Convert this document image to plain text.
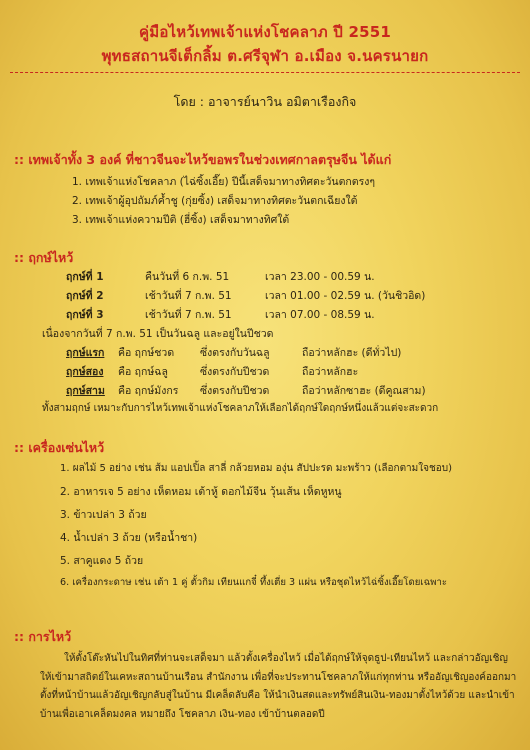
คู่มือไหว้เทพเจ้าแห่งโชคลาภ ปี 2551
พุทธสถานจีเต็กลิ้ม ต.ศรีจุฬา อ.เมือง จ.นครนายก
โดย : อาจารย์นาวิน อมิตาเรืองกิจ
:: เทพเจ้าทั้ง 3 องค์ ที่ชาวจีนจะไหว้ขอพรในช่วงเทศกาลตรุษจีน ได้แก่
1. เทพเจ้าแห่งโชคลาภ (ไฉ่ซิ้งเอี๊ย) ปีนี้เสด็จมาทางทิศตะวันตกตรงๆ
2. เทพเจ้าผู้อุปถัมภ์ค้ำชู (กุ่ยซิ้ง) เสด็จมาทางทิศตะวันตกเฉียงใต้
3. เทพเจ้าแห่งความปีติ (ฮี่ซิ้ง) เสด็จมาทางทิศใต้
:: ฤกษ์ไหว้
ฤกษ์ที่ 1	คืนวันที่ 6 ก.พ. 51	เวลา 23.00 - 00.59 น.
ฤกษ์ที่ 2	เช้าวันที่ 7 ก.พ. 51	เวลา 01.00 - 02.59 น. (วันชิวอิด)
ฤกษ์ที่ 3	เช้าวันที่ 7 ก.พ. 51	เวลา 07.00 - 08.59 น.
เนื่องจากวันที่ 7 ก.พ. 51 เป็นวันฉลู และอยู่ในปีชวด
ฤกษ์แรก คือ ฤกษ์ชวด ซึ่งตรงกับวันฉลู	ถือว่าหลักฮะ (ดีทั่วไป)
ฤกษ์สอง คือ ฤกษ์ฉลู	ซึ่งตรงกับปีชวด	ถือว่าหลักฮะ
ฤกษ์สาม คือ ฤกษ์มังกร ซึ่งตรงกับปีชวด	ถือว่าหลักซาฮะ (ดีคูณสาม)
ทั้งสามฤกษ์ เหมาะกับการไหว้เทพเจ้าแห่งโชคลาภให้เลือกได้ฤกษ์ใดฤกษ์หนึ่งแล้วแต่จะสะดวก
:: เครื่องเซ่นไหว้
1. ผลไม้ 5 อย่าง เช่น ส้ม แอปเปิ้ล สาลี่ กล้วยหอม องุ่น สัปปะรด มะพร้าว (เลือกตามใจชอบ)
2. อาหารเจ 5 อย่าง เห็ดหอม เต้าหู้ ดอกไม้จีน วุ้นเส้น เห็ดหูหนู
3. ข้าวเปล่า 3 ถ้วย
4. น้ำเปล่า 3 ถ้วย (หรือน้ำชา)
5. สาคูแดง 5 ถ้วย
6. เครื่องกระดาษ เช่น เต้า 1 คู่ ตั้วกิม เทียนแกจี๋ ทึ้งเตี่ย 3 แผ่น หรือชุดไหว้ไฉ่ซิ้งเอี๊ยโดยเฉพาะ
:: การไหว้
ให้ตั้งโต๊ะหันไปในทิศที่ท่านจะเสด็จมา แล้วตั้งเครื่องไหว้ เมื่อได้ฤกษ์ให้จุดธูป-เทียนไหว้ และกล่าวอัญเชิญให้เข้ามาสถิตย์ในเคหะสถานบ้านเรือน สำนักงาน เพื่อที่จะประทานโชคลาภให้แก่ทุกท่าน หรืออัญเชิญองค์ออกมาตั้งที่หน้าบ้านแล้วอัญเชิญกลับสู่ในบ้าน มีเคล็ดลับคือ ให้นำเงินสดและทรัพย์สินเงิน-ทองมาตั้งไหว้ด้วย และนำเข้าบ้านเพื่อเอาเคล็ดมงคล หมายถึง โชคลาภ เงิน-ทอง เข้าบ้านตลอดปี
